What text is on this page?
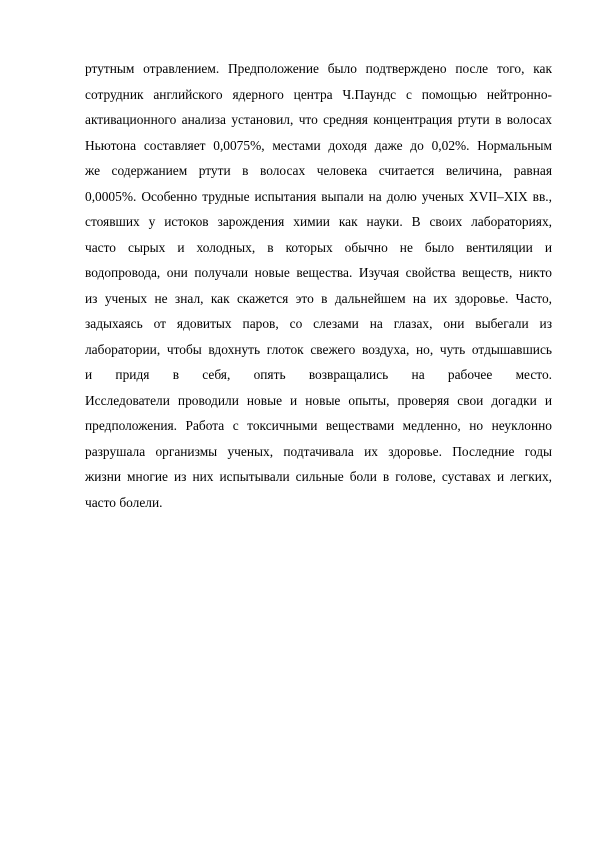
ртутным отравлением. Предположение было подтверждено после того, как
сотрудник английского ядерного центра Ч.Паундс с помощью нейтронно-
активационного анализа установил, что средняя концентрация ртути в волосах
Ньютона составляет 0,0075%, местами доходя даже до 0,02%. Нормальным
же содержанием ртути в волосах человека считается величина, равная
0,0005%. Особенно трудные испытания выпали на долю ученых XVII–XIX вв.,
стоявших у истоков зарождения химии как науки. В своих лабораториях,
часто сырых и холодных, в которых обычно не было вентиляции и
водопровода, они получали новые вещества. Изучая свойства веществ, никто
из ученых не знал, как скажется это в дальнейшем на их здоровье. Часто,
задыхаясь от ядовитых паров, со слезами на глазах, они выбегали из
лаборатории, чтобы вдохнуть глоток свежего воздуха, но, чуть отдышавшись
и придя в себя, опять возвращались на рабочее место.
Исследователи проводили новые и новые опыты, проверяя свои догадки и
предположения. Работа с токсичными веществами медленно, но неуклонно
разрушала организмы ученых, подтачивала их здоровье. Последние годы
жизни многие из них испытывали сильные боли в голове, суставах и легких,
часто болели.
